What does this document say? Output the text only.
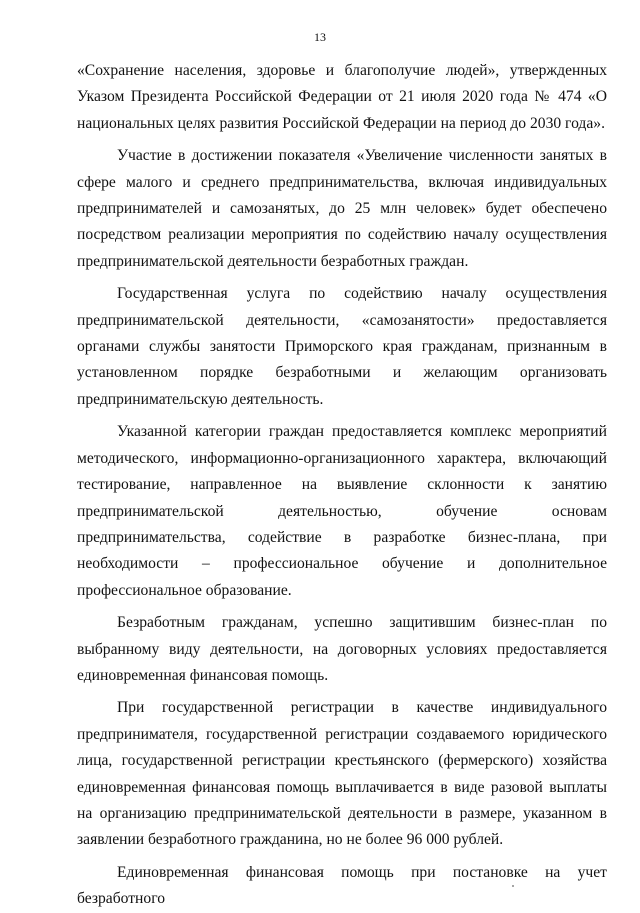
13

«Сохранение населения, здоровье и благополучие людей», утвержденных Указом Президента Российской Федерации от 21 июля 2020 года № 474 «О национальных целях развития Российской Федерации на период до 2030 года».

Участие в достижении показателя «Увеличение численности занятых в сфере малого и среднего предпринимательства, включая индивидуальных предпринимателей и самозанятых, до 25 млн человек» будет обеспечено посредством реализации мероприятия по содействию началу осуществления предпринимательской деятельности безработных граждан.

Государственная услуга по содействию началу осуществления предпринимательской деятельности, «самозанятости» предоставляется органами службы занятости Приморского края гражданам, признанным в установленном порядке безработными и желающим организовать предпринимательскую деятельность.

Указанной категории граждан предоставляется комплекс мероприятий методического, информационно-организационного характера, включающий тестирование, направленное на выявление склонности к занятию предпринимательской деятельностью, обучение основам предпринимательства, содействие в разработке бизнес-плана, при необходимости – профессиональное обучение и дополнительное профессиональное образование.

Безработным гражданам, успешно защитившим бизнес-план по выбранному виду деятельности, на договорных условиях предоставляется единовременная финансовая помощь.

При государственной регистрации в качестве индивидуального предпринимателя, государственной регистрации создаваемого юридического лица, государственной регистрации крестьянского (фермерского) хозяйства единовременная финансовая помощь выплачивается в виде разовой выплаты на организацию предпринимательской деятельности в размере, указанном в заявлении безработного гражданина, но не более 96 000 рублей.

Единовременная финансовая помощь при постановке на учет безработного
